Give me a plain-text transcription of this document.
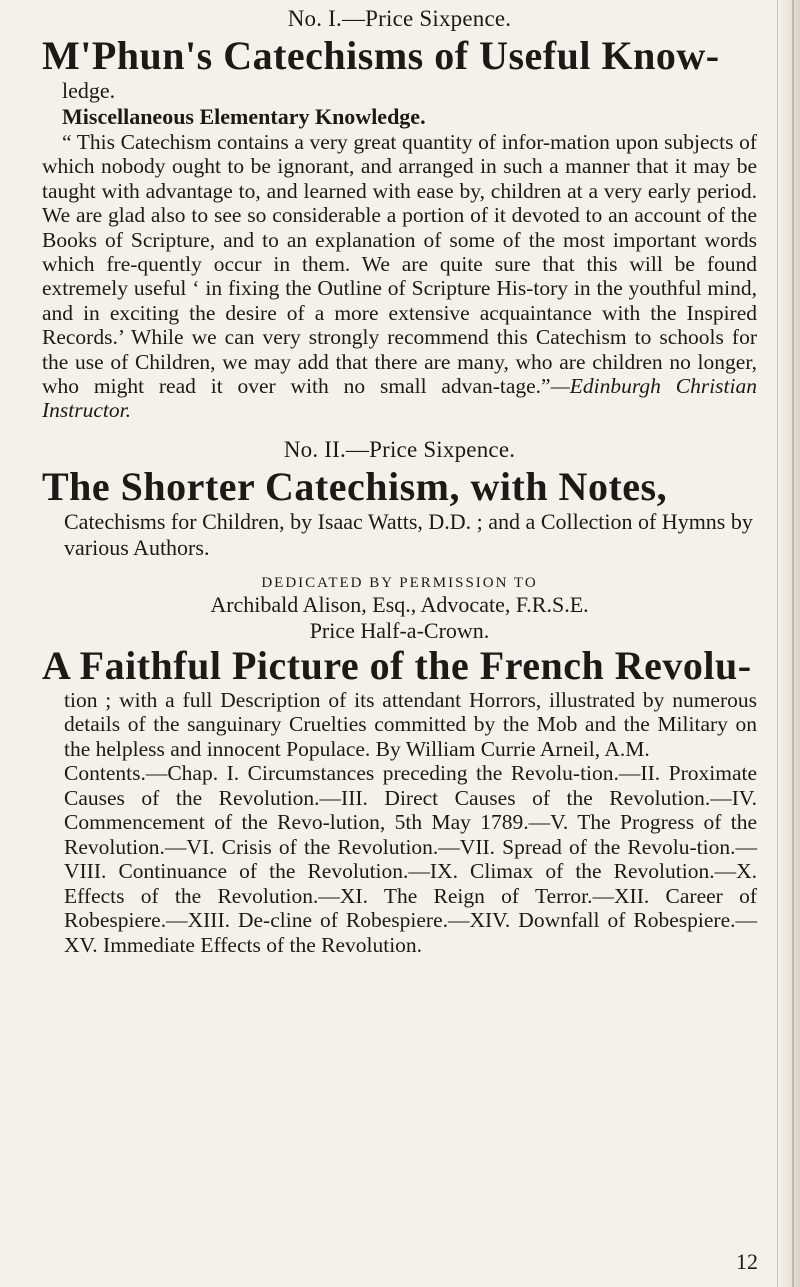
No. I.—Price Sixpence.

M'Phun's Catechisms of Useful Know-

ledge.

Miscellaneous Elementary Knowledge.

“ This Catechism contains a very great quantity of infor-mation upon subjects of which nobody ought to be ignorant, and arranged in such a manner that it may be taught with advantage to, and learned with ease by, children at a very early period. We are glad also to see so considerable a portion of it devoted to an account of the Books of Scripture, and to an explanation of some of the most important words which fre-quently occur in them. We are quite sure that this will be found extremely useful ‘ in fixing the Outline of Scripture His-tory in the youthful mind, and in exciting the desire of a more extensive acquaintance with the Inspired Records.’ While we can very strongly recommend this Catechism to schools for the use of Children, we may add that there are many, who are children no longer, who might read it over with no small advan-tage.”—Edinburgh Christian Instructor.

No. II.—Price Sixpence.

The Shorter Catechism, with Notes,

Catechisms for Children, by Isaac Watts, D.D. ; and a Collection of Hymns by various Authors.

DEDICATED BY PERMISSION TO

Archibald Alison, Esq., Advocate, F.R.S.E.

Price Half-a-Crown.

A Faithful Picture of the French Revolu-

tion ; with a full Description of its attendant Horrors, illustrated by numerous details of the sanguinary Cruelties committed by the Mob and the Military on the helpless and innocent Populace. By William Currie Arneil, A.M.

Contents.—Chap. I. Circumstances preceding the Revolu-tion.—II. Proximate Causes of the Revolution.—III. Direct Causes of the Revolution.—IV. Commencement of the Revo-lution, 5th May 1789.—V. The Progress of the Revolution.—VI. Crisis of the Revolution.—VII. Spread of the Revolu-tion.—VIII. Continuance of the Revolution.—IX. Climax of the Revolution.—X. Effects of the Revolution.—XI. The Reign of Terror.—XII. Career of Robespiere.—XIII. De-cline of Robespiere.—XIV. Downfall of Robespiere.—XV. Immediate Effects of the Revolution.

12
